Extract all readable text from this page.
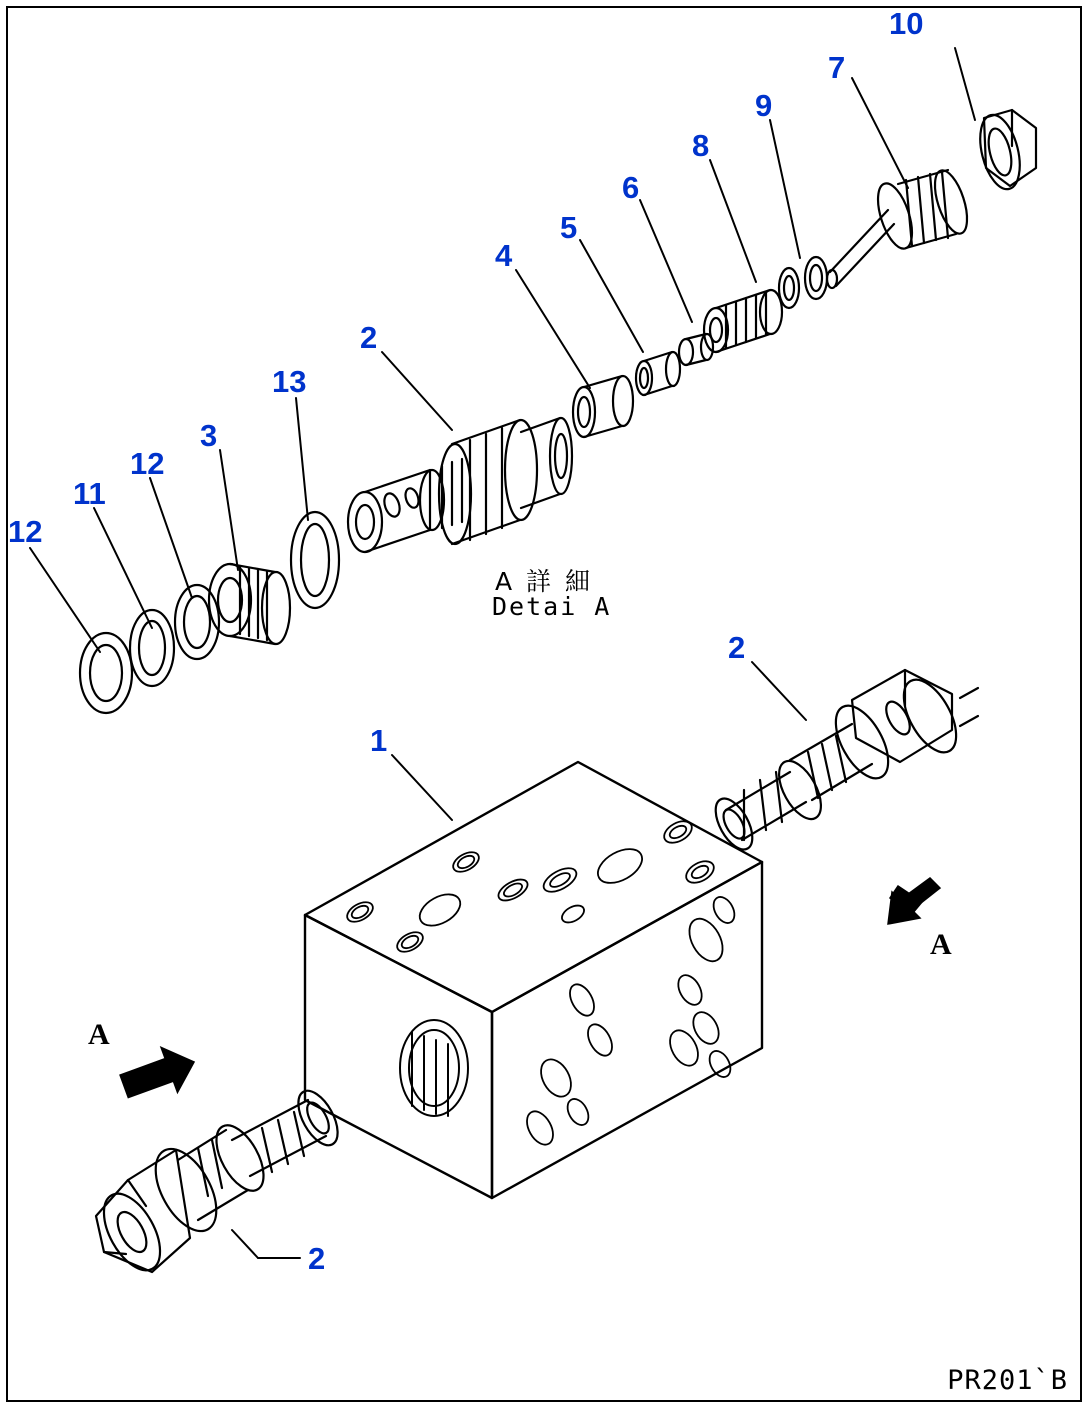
10
7
9
8
6
5
4
2
13
3
12
11
12
2
1
2
A 詳 細
Detai A
A
A
PR201`B
